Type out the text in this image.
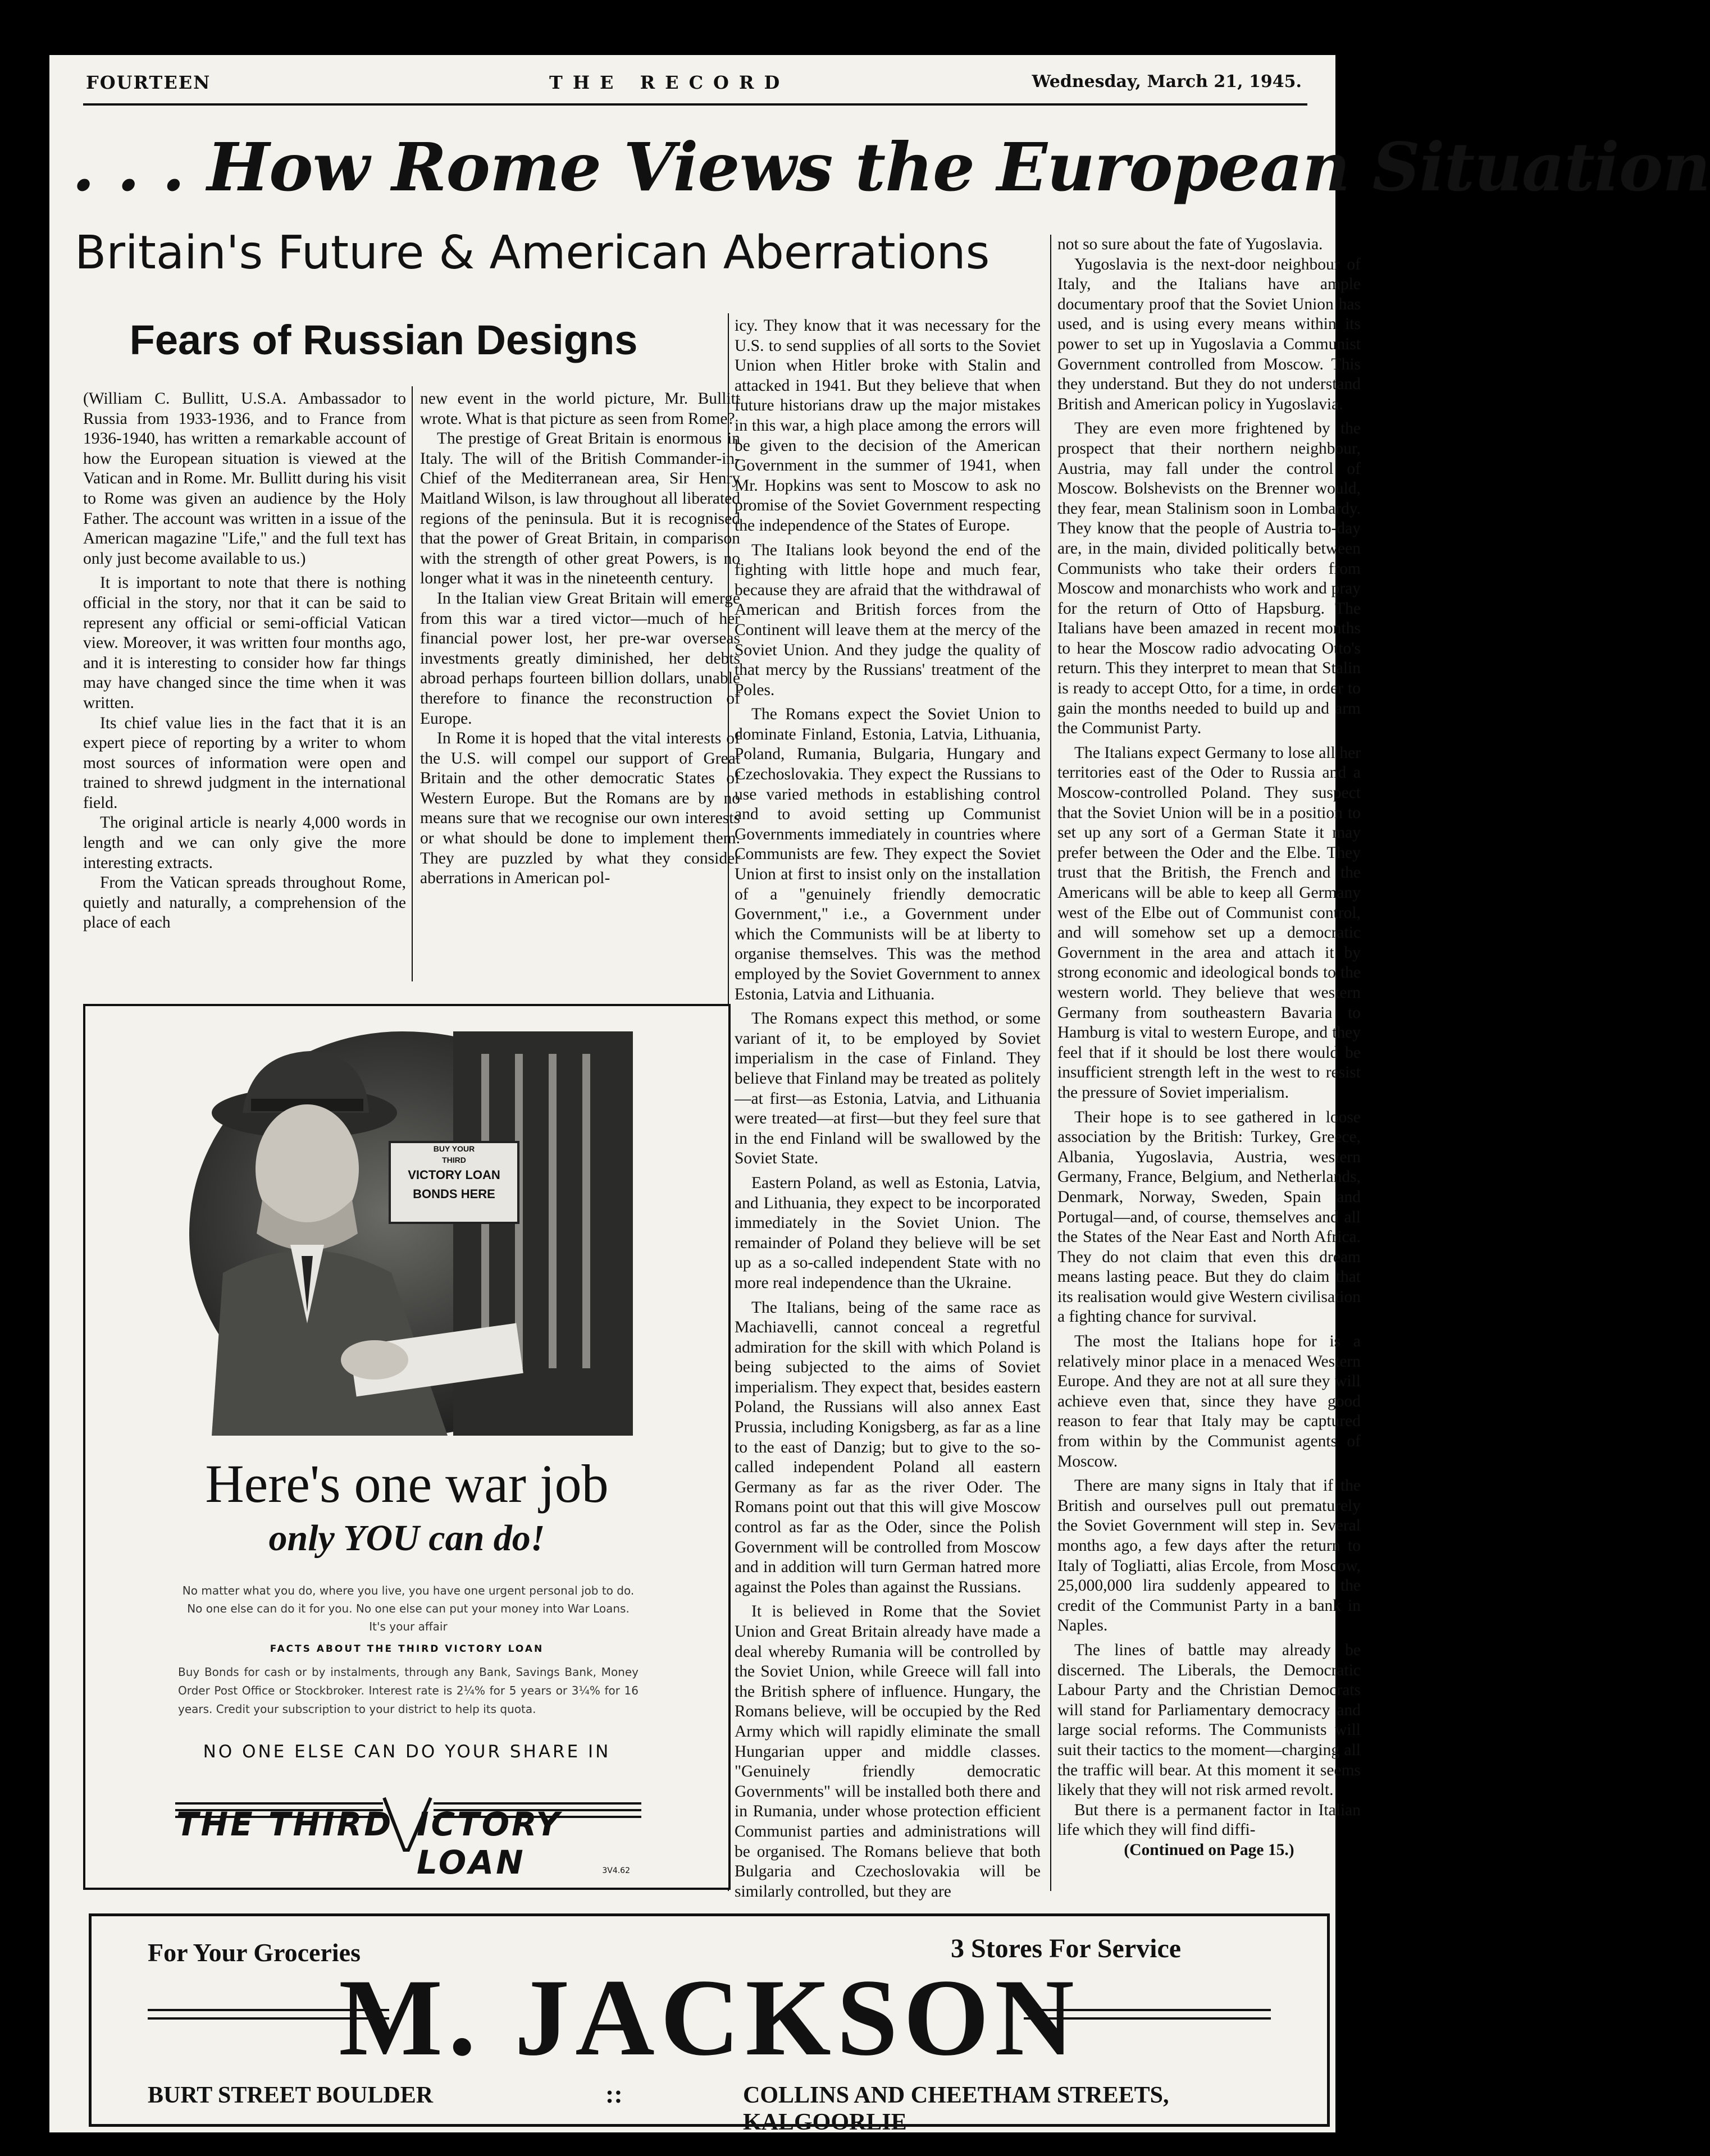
FOURTEEN	THE RECORD	Wednesday, March 21, 1945.
. . . How Rome Views the European Situation
Britain's Future & American Aberrations
Fears of Russian Designs

(William C. Bullitt, U.S.A. Ambassador to Russia from 1933-1936, and to France from 1936-1940, has written a remarkable account of how the European situation is viewed at the Vatican and in Rome. Mr. Bullitt during his visit to Rome was given an audience by the Holy Father. The account was written in a issue of the American magazine "Life," and the full text has only just become available to us.)

It is important to note that there is nothing official in the story, nor that it can be said to represent any official or semi-official Vatican view. Moreover, it was written four months ago, and it is interesting to consider how far things may have changed since the time when it was written.

Its chief value lies in the fact that it is an expert piece of reporting by a writer to whom most sources of information were open and trained to shrewd judgment in the international field.

The original article is nearly 4,000 words in length and we can only give the more interesting extracts.

From the Vatican spreads throughout Rome, quietly and naturally, a comprehension of the place of each

new event in the world picture, Mr. Bullitt wrote. What is that picture as seen from Rome?

The prestige of Great Britain is enormous in Italy. The will of the British Commander-in-Chief of the Mediterranean area, Sir Henry Maitland Wilson, is law throughout all liberated regions of the peninsula. But it is recognised that the power of Great Britain, in comparison with the strength of other great Powers, is no longer what it was in the nineteenth century.

In the Italian view Great Britain will emerge from this war a tired victor—much of her financial power lost, her pre-war overseas investments greatly diminished, her debts abroad perhaps fourteen billion dollars, unable therefore to finance the reconstruction of Europe.

In Rome it is hoped that the vital interests of the U.S. will compel our support of Great Britain and the other democratic States of Western Europe. But the Romans are by no means sure that we recognise our own interests or what should be done to implement them. They are puzzled by what they consider aberrations in American pol-

icy. They know that it was necessary for the U.S. to send supplies of all sorts to the Soviet Union when Hitler broke with Stalin and attacked in 1941. But they believe that when future historians draw up the major mistakes in this war, a high place among the errors will be given to the decision of the American Government in the summer of 1941, when Mr. Hopkins was sent to Moscow to ask no promise of the Soviet Government respecting the independence of the States of Europe.

The Italians look beyond the end of the fighting with little hope and much fear, because they are afraid that the withdrawal of American and British forces from the Continent will leave them at the mercy of the Soviet Union. And they judge the quality of that mercy by the Russians' treatment of the Poles.

The Romans expect the Soviet Union to dominate Finland, Estonia, Latvia, Lithuania, Poland, Rumania, Bulgaria, Hungary and Czechoslovakia. They expect the Russians to use varied methods in establishing control and to avoid setting up Communist Governments immediately in countries where Communists are few. They expect the Soviet Union at first to insist only on the installation of a "genuinely friendly democratic Government," i.e., a Government under which the Communists will be at liberty to organise themselves. This was the method employed by the Soviet Government to annex Estonia, Latvia and Lithuania.

The Romans expect this method, or some variant of it, to be employed by Soviet imperialism in the case of Finland. They believe that Finland may be treated as politely—at first—as Estonia, Latvia, and Lithuania were treated—at first—but they feel sure that in the end Finland will be swallowed by the Soviet State.

Eastern Poland, as well as Estonia, Latvia, and Lithuania, they expect to be incorporated immediately in the Soviet Union. The remainder of Poland they believe will be set up as a so-called independent State with no more real independence than the Ukraine.

The Italians, being of the same race as Machiavelli, cannot conceal a regretful admiration for the skill with which Poland is being subjected to the aims of Soviet imperialism. They expect that, besides eastern Poland, the Russians will also annex East Prussia, including Konigsberg, as far as a line to the east of Danzig; but to give to the so-called independent Poland all eastern Germany as far as the river Oder. The Romans point out that this will give Moscow control as far as the Oder, since the Polish Government will be controlled from Moscow and in addition will turn German hatred more against the Poles than against the Russians.

It is believed in Rome that the Soviet Union and Great Britain already have made a deal whereby Rumania will be controlled by the Soviet Union, while Greece will fall into the British sphere of influence. Hungary, the Romans believe, will be occupied by the Red Army which will rapidly eliminate the small Hungarian upper and middle classes. "Genuinely friendly democratic Governments" will be installed both there and in Rumania, under whose protection efficient Communist parties and administrations will be organised. The Romans believe that both Bulgaria and Czechoslovakia will be similarly controlled, but they are

not so sure about the fate of Yugoslavia.

Yugoslavia is the next-door neighbour of Italy, and the Italians have ample documentary proof that the Soviet Union has used, and is using every means within its power to set up in Yugoslavia a Communist Government controlled from Moscow. This they understand. But they do not understand British and American policy in Yugoslavia.

They are even more frightened by the prospect that their northern neighbour, Austria, may fall under the control of Moscow. Bolshevists on the Brenner would, they fear, mean Stalinism soon in Lombardy. They know that the people of Austria to-day are, in the main, divided politically between Communists who take their orders from Moscow and monarchists who work and pray for the return of Otto of Hapsburg. The Italians have been amazed in recent months to hear the Moscow radio advocating Otto's return. This they interpret to mean that Stalin is ready to accept Otto, for a time, in order to gain the months needed to build up and arm the Communist Party.

The Italians expect Germany to lose all her territories east of the Oder to Russia and a Moscow-controlled Poland. They suspect that the Soviet Union will be in a position to set up any sort of a German State it may prefer between the Oder and the Elbe. They trust that the British, the French and the Americans will be able to keep all Germany west of the Elbe out of Communist control, and will somehow set up a democratic Government in the area and attach it by strong economic and ideological bonds to the western world. They believe that western Germany from southeastern Bavaria to Hamburg is vital to western Europe, and they feel that if it should be lost there would be insufficient strength left in the west to resist the pressure of Soviet imperialism.

Their hope is to see gathered in loose association by the British: Turkey, Greece, Albania, Yugoslavia, Austria, western Germany, France, Belgium, and Netherlands, Denmark, Norway, Sweden, Spain and Portugal—and, of course, themselves and all the States of the Near East and North Africa. They do not claim that even this dream means lasting peace. But they do claim that its realisation would give Western civilisation a fighting chance for survival.

The most the Italians hope for is a relatively minor place in a menaced Western Europe. And they are not at all sure they will achieve even that, since they have good reason to fear that Italy may be captured from within by the Communist agents of Moscow.

There are many signs in Italy that if the British and ourselves pull out prematurely the Soviet Government will step in. Several months ago, a few days after the return to Italy of Togliatti, alias Ercole, from Moscow, 25,000,000 lira suddenly appeared to the credit of the Communist Party in a bank in Naples.

The lines of battle may already be discerned. The Liberals, the Democratic Labour Party and the Christian Democrats will stand for Parliamentary democracy and large social reforms. The Communists will suit their tactics to the moment—charging all the traffic will bear. At this moment it seems likely that they will not risk armed revolt.

But there is a permanent factor in Italian life which they will find diffi-

(Continued on Page 15.)

BUY YOUR
THIRD
VICTORY LOAN
BONDS HERE
Here's one war job
only YOU can do!
No matter what you do, where you live, you have one urgent personal job to do. No one else can do it for you. No one else can put your money into War Loans. It's your affair
FACTS ABOUT THE THIRD VICTORY LOAN
Buy Bonds for cash or by instalments, through any Bank, Savings Bank, Money Order Post Office or Stockbroker. Interest rate is 2¼% for 5 years or 3¼% for 16 years. Credit your subscription to your district to help its quota.
NO ONE ELSE CAN DO YOUR SHARE IN
THE THIRD ICTORY LOAN	3V4.62
For Your Groceries	3 Stores For Service
M. JACKSON
BURT STREET BOULDER	::	COLLINS AND CHEETHAM STREETS, KALGOORLIE
